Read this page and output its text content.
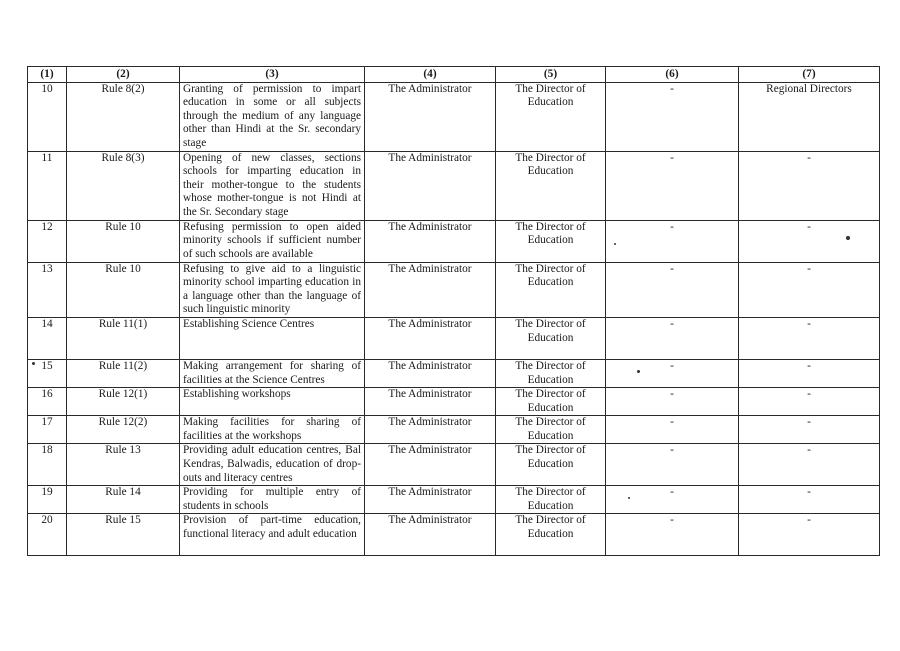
(1)	(2)	(3)	(4)	(5)	(6)	(7)
10	Rule 8(2)	Granting of permission to impart education in some or all subjects through the medium of any language other than Hindi at the Sr. secondary stage	The Administrator	The Director of Education	-	Regional Directors
11	Rule 8(3)	Opening of new classes, sections schools for imparting education in their mother-tongue to the students whose mother-tongue is not Hindi at the Sr. Secondary stage	The Administrator	The Director of Education	-	-
12	Rule 10	Refusing permission to open aided minority schools if sufficient number of such schools are available	The Administrator	The Director of Education	-	-
13	Rule 10	Refusing to give aid to a linguistic minority school imparting education in a language other than the language of such linguistic minority	The Administrator	The Director of Education	-	-
14	Rule 11(1)	Establishing Science Centres	The Administrator	The Director of Education	-	-
15	Rule 11(2)	Making arrangement for sharing of facilities at the Science Centres	The Administrator	The Director of Education	-	-
16	Rule 12(1)	Establishing workshops	The Administrator	The Director of Education	-	-
17	Rule 12(2)	Making facilities for sharing of facilities at the workshops	The Administrator	The Director of Education	-	-
18	Rule 13	Providing adult education centres, Bal Kendras, Balwadis, education of drop-outs and literacy centres	The Administrator	The Director of Education	-	-
19	Rule 14	Providing for multiple entry of students in schools	The Administrator	The Director of Education	-	-
20	Rule 15	Provision of part-time education, functional literacy and adult education	The Administrator	The Director of Education	-	-
